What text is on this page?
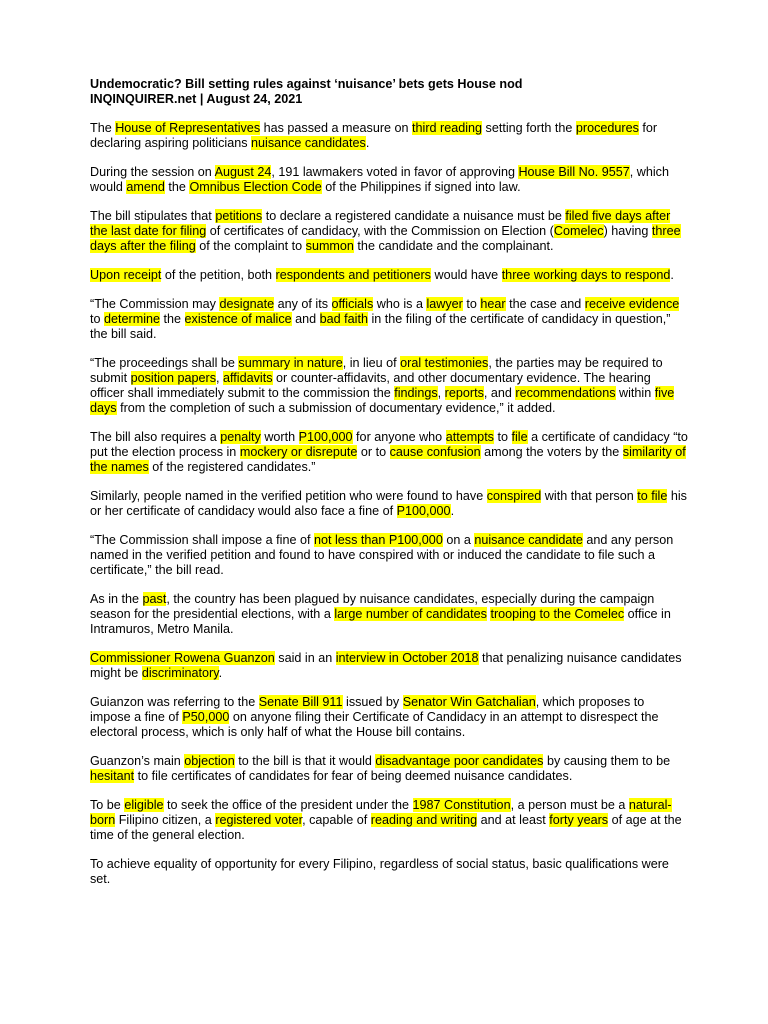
Undemocratic? Bill setting rules against ‘nuisance’ bets gets House nod

INQINQUIRER.net | August 24, 2021

The House of Representatives has passed a measure on third reading setting forth the procedures for declaring aspiring politicians nuisance candidates.

During the session on August 24, 191 lawmakers voted in favor of approving House Bill No. 9557, which would amend the Omnibus Election Code of the Philippines if signed into law.

The bill stipulates that petitions to declare a registered candidate a nuisance must be filed five days after the last date for filing of certificates of candidacy, with the Commission on Election (Comelec) having three days after the filing of the complaint to summon the candidate and the complainant.

Upon receipt of the petition, both respondents and petitioners would have three working days to respond.

“The Commission may designate any of its officials who is a lawyer to hear the case and receive evidence to determine the existence of malice and bad faith in the filing of the certificate of candidacy in question,” the bill said.

“The proceedings shall be summary in nature, in lieu of oral testimonies, the parties may be required to submit position papers, affidavits or counter-affidavits, and other documentary evidence. The hearing officer shall immediately submit to the commission the findings, reports, and recommendations within five days from the completion of such a submission of documentary evidence,” it added.

The bill also requires a penalty worth P100,000 for anyone who attempts to file a certificate of candidacy “to put the election process in mockery or disrepute or to cause confusion among the voters by the similarity of the names of the registered candidates.”

Similarly, people named in the verified petition who were found to have conspired with that person to file his or her certificate of candidacy would also face a fine of P100,000.

“The Commission shall impose a fine of not less than P100,000 on a nuisance candidate and any person named in the verified petition and found to have conspired with or induced the candidate to file such a certificate,” the bill read.

As in the past, the country has been plagued by nuisance candidates, especially during the campaign season for the presidential elections, with a large number of candidates trooping to the Comelec office in Intramuros, Metro Manila.

Commissioner Rowena Guanzon said in an interview in October 2018 that penalizing nuisance candidates might be discriminatory.

Guianzon was referring to the Senate Bill 911 issued by Senator Win Gatchalian, which proposes to impose a fine of P50,000 on anyone filing their Certificate of Candidacy in an attempt to disrespect the electoral process, which is only half of what the House bill contains.

Guanzon’s main objection to the bill is that it would disadvantage poor candidates by causing them to be hesitant to file certificates of candidates for fear of being deemed nuisance candidates.

To be eligible to seek the office of the president under the 1987 Constitution, a person must be a natural-born Filipino citizen, a registered voter, capable of reading and writing and at least forty years of age at the time of the general election.

To achieve equality of opportunity for every Filipino, regardless of social status, basic qualifications were set.
